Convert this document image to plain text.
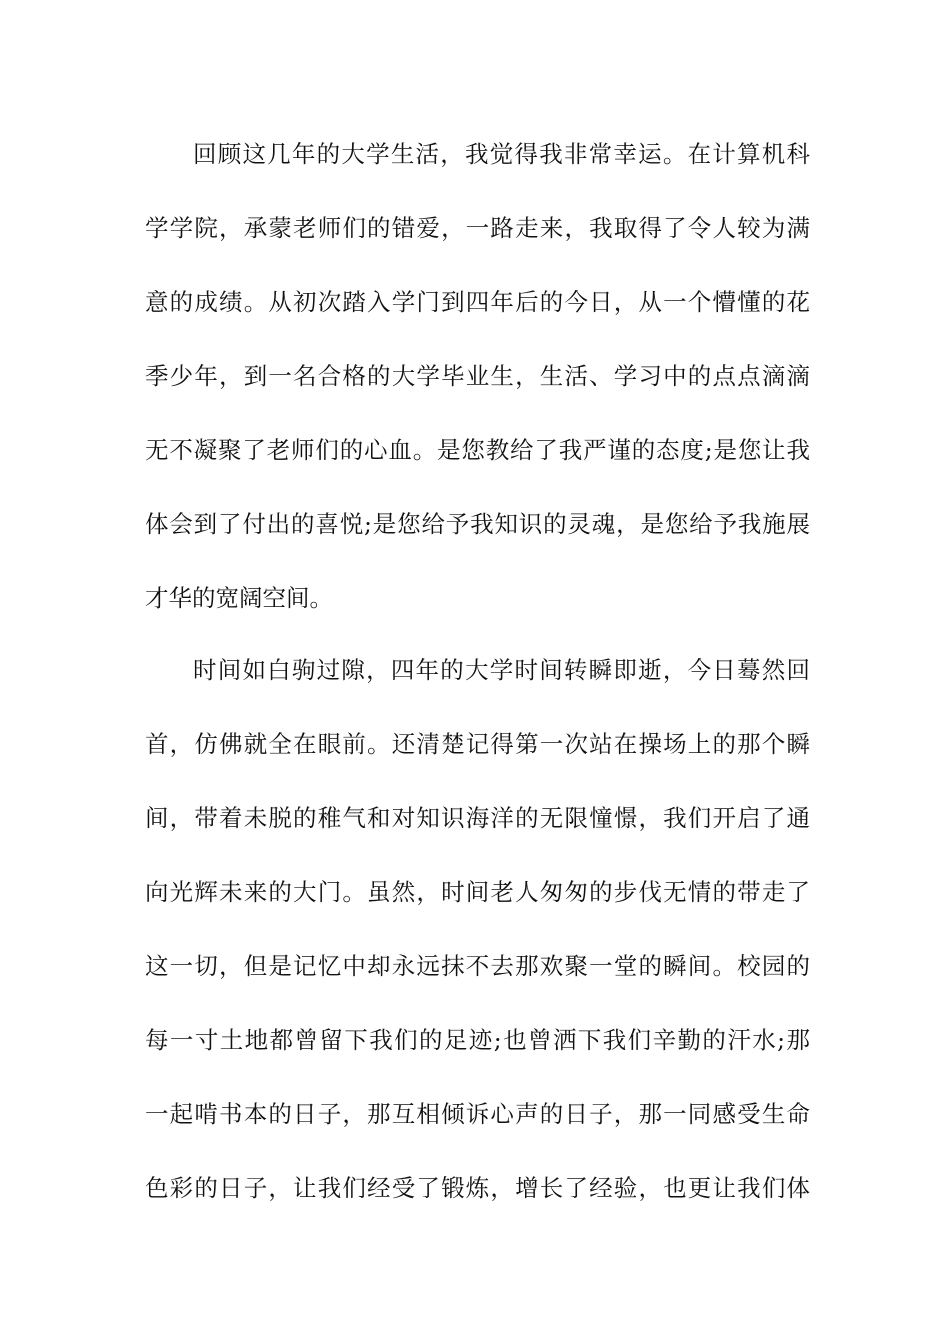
回顾这几年的大学生活，我觉得我非常幸运。在计算机科
学学院，承蒙老师们的错爱，一路走来，我取得了令人较为满
意的成绩。从初次踏入学门到四年后的今日，从一个懵懂的花
季少年，到一名合格的大学毕业生，生活、学习中的点点滴滴
无不凝聚了老师们的心血。是您教给了我严谨的态度;是您让我
体会到了付出的喜悦;是您给予我知识的灵魂，是您给予我施展
才华的宽阔空间。
时间如白驹过隙，四年的大学时间转瞬即逝，今日蓦然回
首，仿佛就全在眼前。还清楚记得第一次站在操场上的那个瞬
间，带着未脱的稚气和对知识海洋的无限憧憬，我们开启了通
向光辉未来的大门。虽然，时间老人匆匆的步伐无情的带走了
这一切，但是记忆中却永远抹不去那欢聚一堂的瞬间。校园的
每一寸土地都曾留下我们的足迹;也曾洒下我们辛勤的汗水;那
一起啃书本的日子，那互相倾诉心声的日子，那一同感受生命
色彩的日子，让我们经受了锻炼，增长了经验，也更让我们体
